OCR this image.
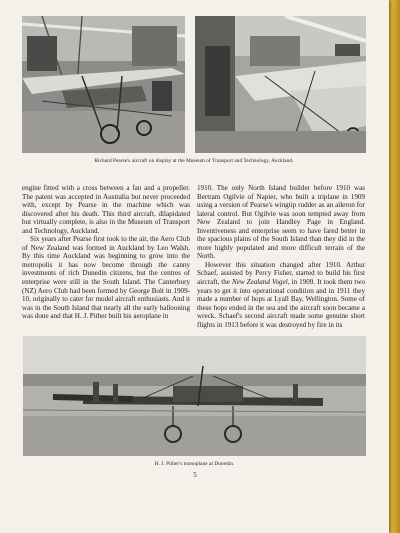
Richard Pearse's aircraft on display at the Museum of Transport and Technology, Auckland.

engine fitted with a cross between a fan and a propeller. The patent was accepted in Australia but never proceeded with, except by Pearse in the machine which was discovered after his death. This third aircraft, dilapidated but virtually complete, is also in the Museum of Transport and Technology, Auckland.

Six years after Pearse first took to the air, the Aero Club of New Zealand was formed in Auckland by Leo Walsh. By this time Auckland was beginning to grow into the metropolis it has now become through the canny investments of rich Dunedin citizens, but the centres of enterprise were still in the South Island. The Canterbury (NZ) Aero Club had been formed by George Bolt in 1909-10, originally to cater for model aircraft enthusiasts. And it was in the South Island that nearly all the early ballooning was done and that H. J. Pither built his aeroplane in

1910. The only North Island builder before 1910 was Bertram Ogilvie of Napier, who built a triplane in 1909 using a version of Pearse's wingtip rudder as an aileron for lateral control. But Ogilvie was soon tempted away from New Zealand to join Handley Page in England. Inventiveness and enterprise seem to have fared better in the spacious plains of the South Island than they did in the more highly populated and more difficult terrain of the North.

However this situation changed after 1910. Arthur Schaef, assisted by Percy Fisher, started to build his first aircraft, the New Zealand Vogel, in 1909. It took them two years to get it into operational condition and in 1911 they made a number of hops at Lyall Bay, Wellington. Some of these hops ended in the sea and the aircraft soon became a wreck. Schaef's second aircraft made some genuine short flights in 1913 before it was destroyed by fire in its

H. J. Pither's monoplane at Dunedin.
5
